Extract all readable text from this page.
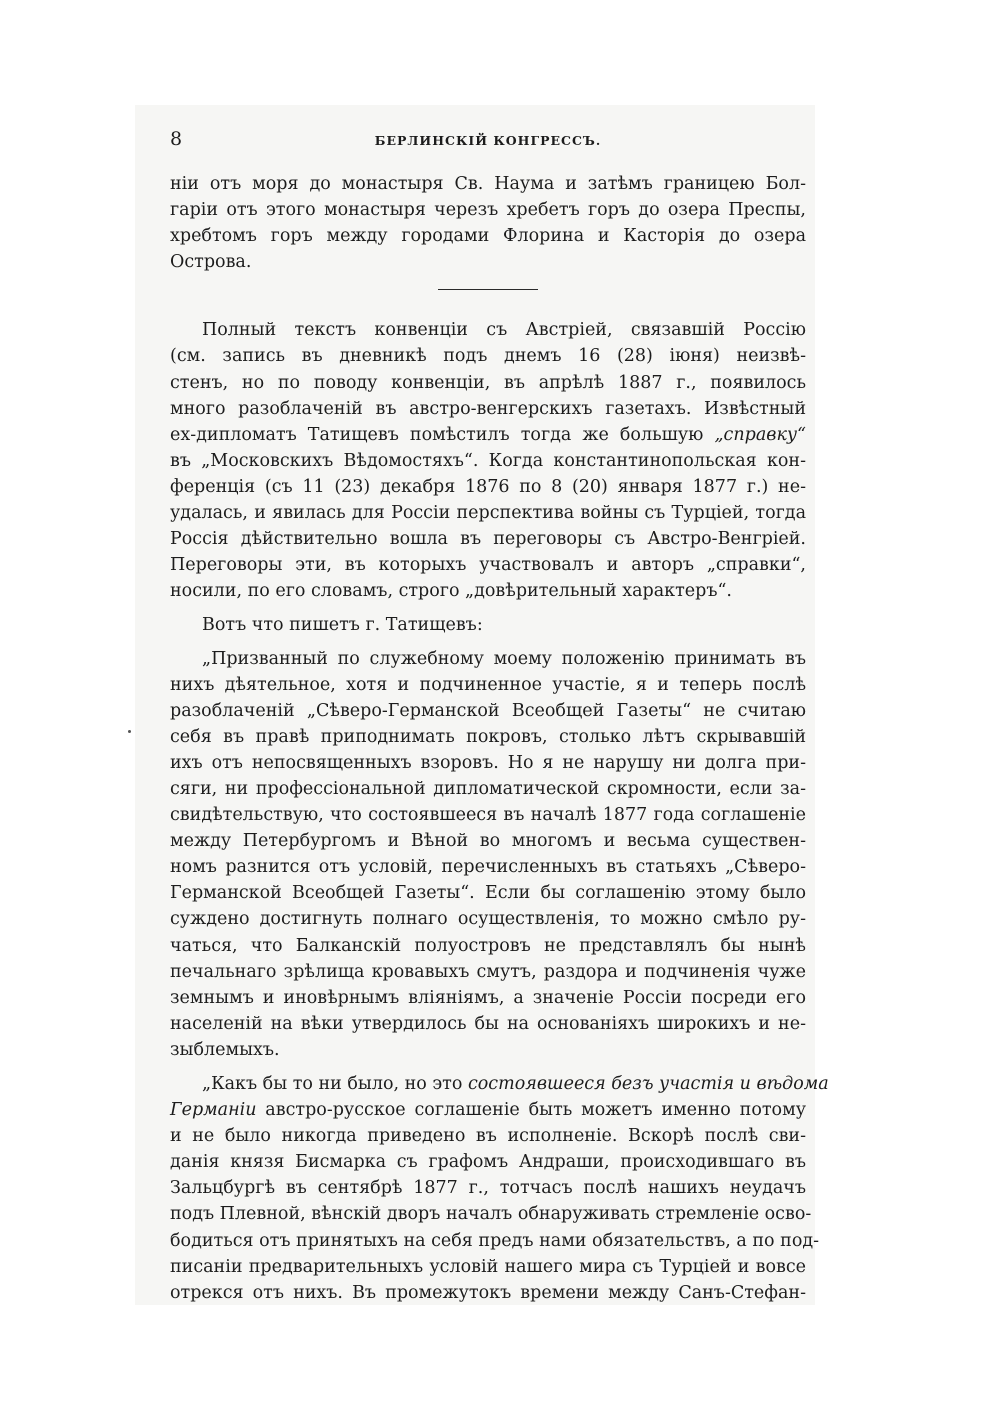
8	БЕРЛИНСКІЙ КОНГРЕССЪ.
ніи отъ моря до монастыря Св. Наума и затѣмъ границею Бол-
гаріи отъ этого монастыря черезъ хребетъ горъ до озера Преспы,
хребтомъ горъ между городами Флорина и Касторія до озера
Острова.
Полный текстъ конвенціи съ Австріей, связавшій Россію
(см. запись въ дневникѣ подъ днемъ 16 (28) іюня) неизвѣ-
стенъ, но по поводу конвенціи, въ апрѣлѣ 1887 г., появилось
много разоблаченій въ австро-венгерскихъ газетахъ. Извѣстный
ех-дипломатъ Татищевъ помѣстилъ тогда же большую „справку“
въ „Московскихъ Вѣдомостяхъ“. Когда константинопольская кон-
ференція (съ 11 (23) декабря 1876 по 8 (20) января 1877 г.) не-
удалась, и явилась для Россіи перспектива войны съ Турціей, тогда
Россія дѣйствительно вошла въ переговоры съ Австро-Венгріей.
Переговоры эти, въ которыхъ участвовалъ и авторъ „справки“,
носили, по его словамъ, строго „довѣрительный характеръ“.
Вотъ что пишетъ г. Татищевъ:
„Призванный по служебному моему положенію принимать въ
нихъ дѣятельное, хотя и подчиненное участіе, я и теперь послѣ
разоблаченій „Сѣверо-Германской Всеобщей Газеты“ не считаю
себя въ правѣ приподнимать покровъ, столько лѣтъ скрывавшій
ихъ отъ непосвященныхъ взоровъ. Но я не нарушу ни долга при-
сяги, ни профессіональной дипломатической скромности, если за-
свидѣтельствую, что состоявшееся въ началѣ 1877 года соглашеніе
между Петербургомъ и Вѣной во многомъ и весьма существен-
номъ разнится отъ условій, перечисленныхъ въ статьяхъ „Сѣверо-
Германской Всеобщей Газеты“. Если бы соглашенію этому было
суждено достигнуть полнаго осуществленія, то можно смѣло ру-
чаться, что Балканскій полуостровъ не представлялъ бы нынѣ
печальнаго зрѣлища кровавыхъ смутъ, раздора и подчиненія чуже
земнымъ и иновѣрнымъ вліяніямъ, а значеніе Россіи посреди его
населеній на вѣки утвердилось бы на основаніяхъ широкихъ и не-
зыблемыхъ.
„Какъ бы то ни было, но это состоявшееся безъ участія и вѣдома
Германіи австро-русское соглашеніе быть можетъ именно потому
и не было никогда приведено въ исполненіе. Вскорѣ послѣ сви-
данія князя Бисмарка съ графомъ Андраши, происходившаго въ
Зальцбургѣ въ сентябрѣ 1877 г., тотчасъ послѣ нашихъ неудачъ
подъ Плевной, вѣнскій дворъ началъ обнаруживать стремленіе осво-
бодиться отъ принятыхъ на себя предъ нами обязательствъ, а по под-
писаніи предварительныхъ условій нашего мира съ Турціей и вовсе
отрекся отъ нихъ. Въ промежутокъ времени между Санъ-Стефан-
